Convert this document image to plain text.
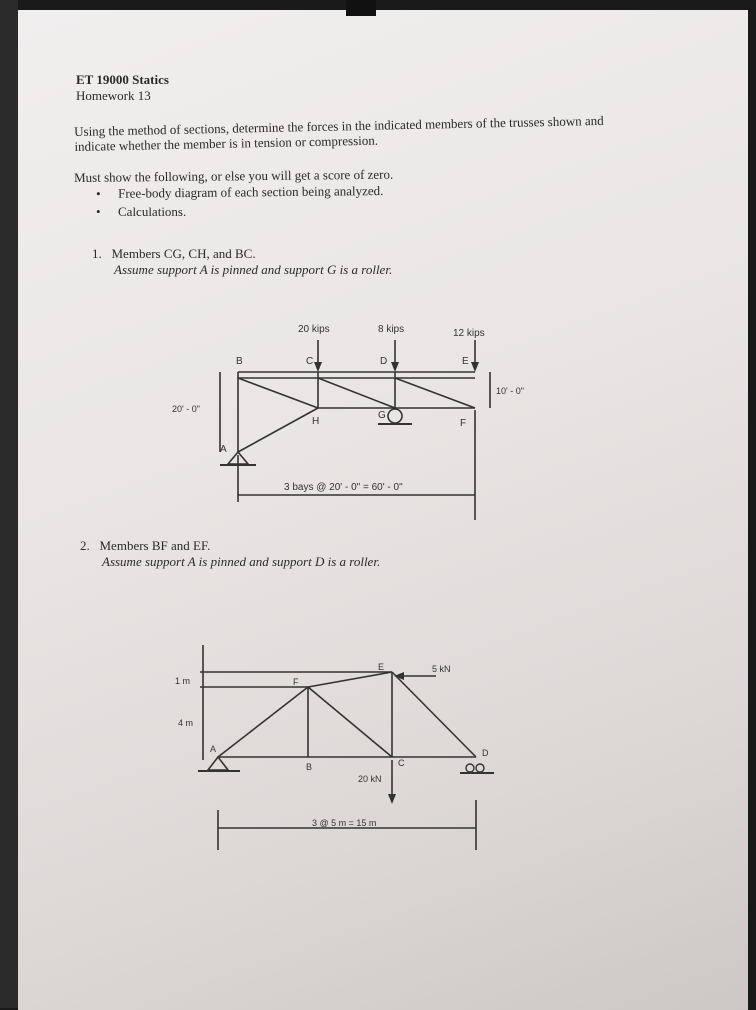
ET 19000 Statics
Homework 13
Using the method of sections, determine the forces in the indicated members of the trusses shown and indicate whether the member is in tension or compression.
Must show the following, or else you will get a score of zero.
• Free-body diagram of each section being analyzed.
• Calculations.
1. Members CG, CH, and BC.
Assume support A is pinned and support G is a roller.
20 kips	8 kips	12 kips
B	C	D	E
A
H
G
F
20' - 0"
10' - 0"
3 bays @ 20' - 0" = 60' - 0"
2. Members BF and EF.
Assume support A is pinned and support D is a roller.
5 kN
20 kN
E
F
A
B	C
D
1 m
4 m
3 @ 5 m = 15 m
